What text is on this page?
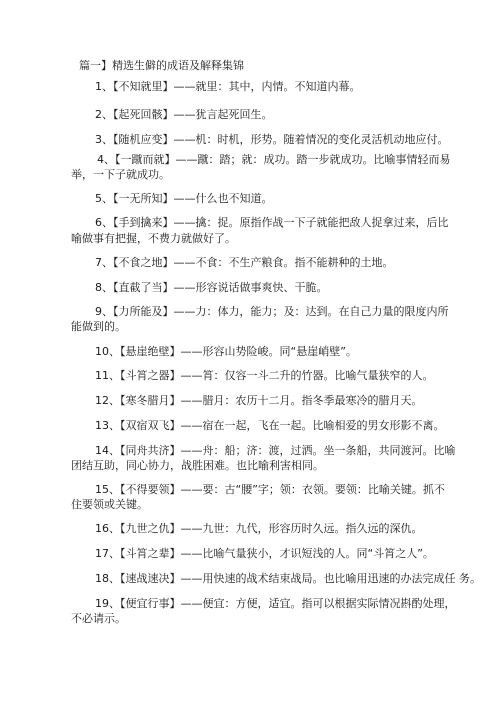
篇一】精选生僻的成语及解释集锦
1、【不知就里】——就里：其中，内情。不知道内幕。
2、【起死回骸】——犹言起死回生。
3、【随机应变】——机：时机，形势。随着情况的变化灵活机动地应付。
4、【一蹴而就】——蹴：踏；就：成功。踏一步就成功。比喻事情轻而易
举，一下子就成功。
5、【一无所知】——什么也不知道。
6、【手到擒来】——擒：捉。原指作战一下子就能把敌人捉拿过来，后比
喻做事有把握，不费力就做好了。
7、【不食之地】——不食：不生产粮食。指不能耕种的土地。
8、【直截了当】——形容说话做事爽快、干脆。
9、【力所能及】——力：体力，能力；及：达到。在自己力量的限度内所
能做到的。
10、【悬崖绝壁】——形容山势险峻。同“悬崖峭壁”。
11、【斗筲之器】——筲：仅容一斗二升的竹器。比喻气量狭窄的人。
12、【寒冬腊月】——腊月：农历十二月。指冬季最寒冷的腊月天。
13、【双宿双飞】——宿在一起，飞在一起。比喻相爱的男女形影不离。
14、【同舟共济】——舟：船；济：渡，过洒。坐一条船，共同渡河。比喻
团结互助，同心协力，战胜困难。也比喻利害相同。
15、【不得要领】——要：古“腰”字；领：衣领。要领：比喻关键。抓不
住要领或关键。
16、【九世之仇】——九世：九代，形容历时久远。指久远的深仇。
17、【斗筲之辈】——比喻气量狭小，才识短浅的人。同“斗筲之人”。
18、【速战速决】——用快速的战术结束战局。也比喻用迅速的办法完成任 务。
19、【便宜行事】——便宜：方便，适宜。指可以根据实际情况斟酌处理，
不必请示。
